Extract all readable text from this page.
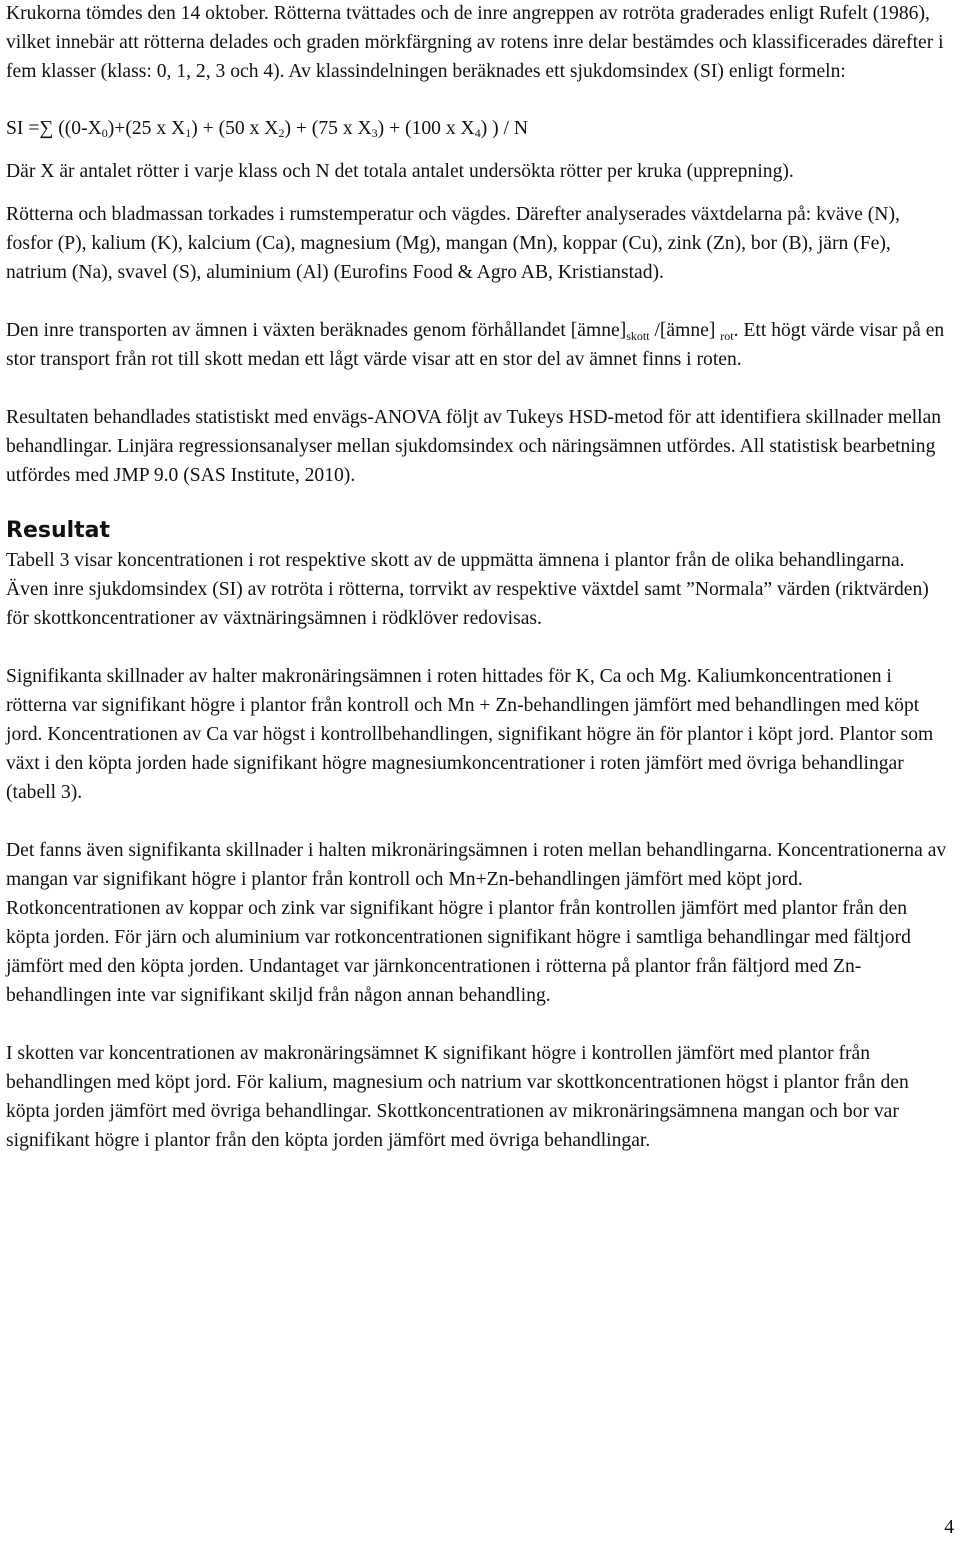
Krukorna tömdes den 14 oktober. Rötterna tvättades och de inre angreppen av rotröta graderades enligt Rufelt (1986), vilket innebär att rötterna delades och graden mörkfärgning av rotens inre delar bestämdes och klassificerades därefter i fem klasser (klass: 0, 1, 2, 3 och 4). Av klassindelningen beräknades ett sjukdomsindex (SI) enligt formeln:

SI =∑ ($(0-X_0)+(25$ x $X_1) + (50$ x $X_2) + (75$ x $X_3) + (100$ x $X_4$) ) / N

Där X är antalet rötter i varje klass och N det totala antalet undersökta rötter per kruka (upprepning).

Rötterna och bladmassan torkades i rumstemperatur och vägdes. Därefter analyserades växtdelarna på: kväve (N), fosfor (P), kalium (K), kalcium (Ca), magnesium (Mg), mangan (Mn), koppar (Cu), zink (Zn), bor (B), järn (Fe), natrium (Na), svavel (S), aluminium (Al) (Eurofins Food & Agro AB, Kristianstad).

Den inre transporten av ämnen i växten beräknades genom förhållandet $[ämne]_{skott}$ /[ämne] $_{rot}$. Ett högt värde visar på en stor transport från rot till skott medan ett lågt värde visar att en stor del av ämnet finns i roten.

Resultaten behandlades statistiskt med envägs-ANOVA följt av Tukeys HSD-metod för att identifiera skillnader mellan behandlingar. Linjära regressionsanalyser mellan sjukdomsindex och näringsämnen utfördes. All statistisk bearbetning utfördes med JMP 9.0 (SAS Institute, 2010).

Resultat

Tabell 3 visar koncentrationen i rot respektive skott av de uppmätta ämnena i plantor från de olika behandlingarna. Även inre sjukdomsindex (SI) av rotröta i rötterna, torrvikt av respektive växtdel samt ”Normala” värden (riktvärden) för skottkoncentrationer av växtnäringsämnen i rödklöver redovisas.

Signifikanta skillnader av halter makronäringsämnen i roten hittades för K, Ca och Mg. Kaliumkoncentrationen i rötterna var signifikant högre i plantor från kontroll och Mn + Zn-behandlingen jämfört med behandlingen med köpt jord. Koncentrationen av Ca var högst i kontrollbehandlingen, signifikant högre än för plantor i köpt jord. Plantor som växt i den köpta jorden hade signifikant högre magnesiumkoncentrationer i roten jämfört med övriga behandlingar (tabell 3).

Det fanns även signifikanta skillnader i halten mikronäringsämnen i roten mellan behandlingarna. Koncentrationerna av mangan var signifikant högre i plantor från kontroll och Mn+Zn-behandlingen jämfört med köpt jord. Rotkoncentrationen av koppar och zink var signifikant högre i plantor från kontrollen jämfört med plantor från den köpta jorden. För järn och aluminium var rotkoncentrationen signifikant högre i samtliga behandlingar med fältjord jämfört med den köpta jorden. Undantaget var järnkoncentrationen i rötterna på plantor från fältjord med Zn-behandlingen inte var signifikant skiljd från någon annan behandling.

I skotten var koncentrationen av makronäringsämnet K signifikant högre i kontrollen jämfört med plantor från behandlingen med köpt jord. För kalium, magnesium och natrium var skottkoncentrationen högst i plantor från den köpta jorden jämfört med övriga behandlingar. Skottkoncentrationen av mikronäringsämnena mangan och bor var signifikant högre i plantor från den köpta jorden jämfört med övriga behandlingar.

4
